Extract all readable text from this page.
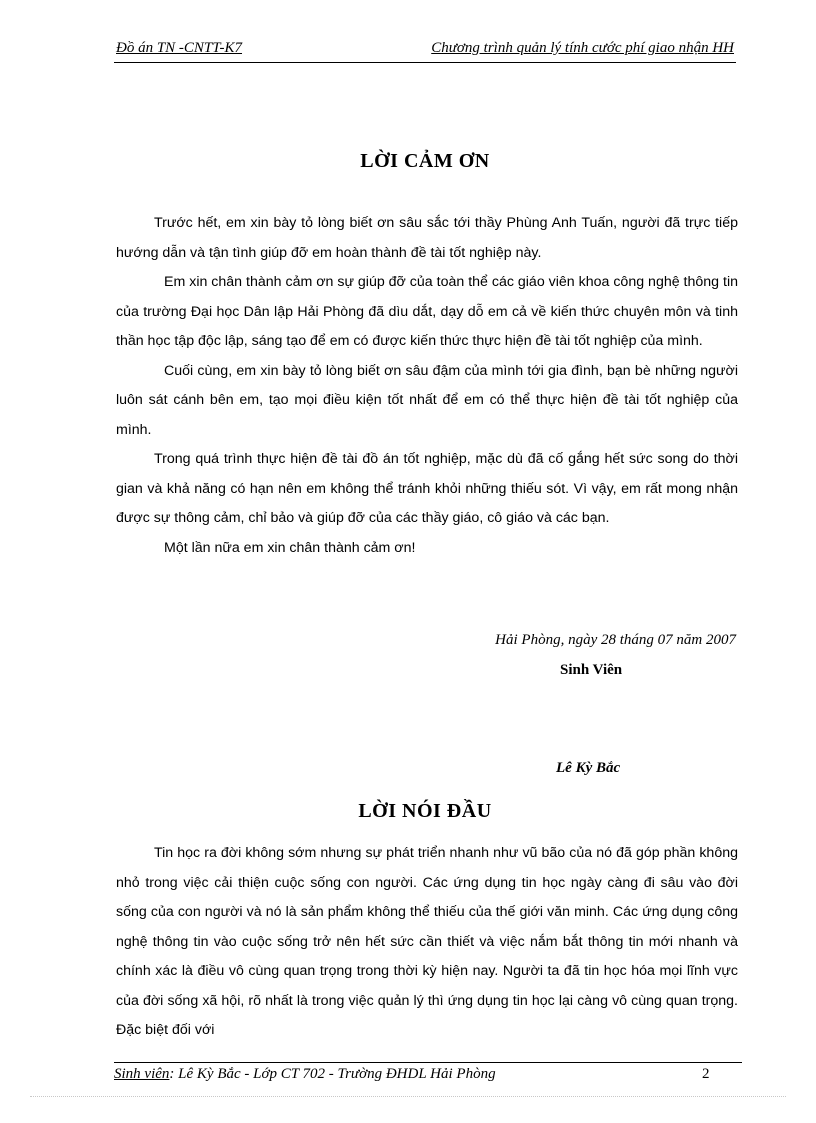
Đồ án TN -CNTT-K7	Chương trình quản lý tính cước phí giao nhận HH
LỜI CẢM ƠN

Trước hết, em xin bày tỏ lòng biết ơn sâu sắc tới thầy Phùng Anh Tuấn, người đã trực tiếp hướng dẫn và tận tình giúp đỡ em hoàn thành đề tài tốt nghiệp này.

Em xin chân thành cảm ơn sự giúp đỡ của toàn thể các giáo viên khoa công nghệ thông tin của trường Đại học Dân lập Hải Phòng đã dìu dắt, dạy dỗ em cả về kiến thức chuyên môn và tinh thần học tập độc lập, sáng tạo để em có được kiến thức thực hiện đề tài tốt nghiệp của mình.

Cuối cùng, em xin bày tỏ lòng biết ơn sâu đậm của mình tới gia đình, bạn bè những người luôn sát cánh bên em, tạo mọi điều kiện tốt nhất để em có thể thực hiện đề tài tốt nghiệp của mình.

Trong quá trình thực hiện đề tài đồ án tốt nghiệp, mặc dù đã cố gắng hết sức song do thời gian và khả năng có hạn nên em không thể tránh khỏi những thiếu sót. Vì vậy, em rất mong nhận được sự thông cảm, chỉ bảo và giúp đỡ của các thầy giáo, cô giáo và các bạn.

Một lần nữa em xin chân thành cảm ơn!

Hải Phòng, ngày 28 tháng 07 năm 2007
Sinh Viên
Lê Kỳ Bắc
LỜI NÓI ĐẦU

Tin học ra đời không sớm nhưng sự phát triển nhanh như vũ bão của nó đã góp phần không nhỏ trong việc cải thiện cuộc sống con người. Các ứng dụng tin học ngày càng đi sâu vào đời sống của con người và nó là sản phẩm không thể thiếu của thế giới văn minh. Các ứng dụng công nghệ thông tin vào cuộc sống trở nên hết sức cần thiết và việc nắm bắt thông tin mới nhanh và chính xác là điều vô cùng quan trọng trong thời kỳ hiện nay. Người ta đã tin học hóa mọi lĩnh vực của đời sống xã hội, rõ nhất là trong việc quản lý thì ứng dụng tin học lại càng vô cùng quan trọng. Đặc biệt đối với

Sinh viên: Lê Kỳ Bắc - Lớp CT 702 - Trường ĐHDL Hải Phòng	2
